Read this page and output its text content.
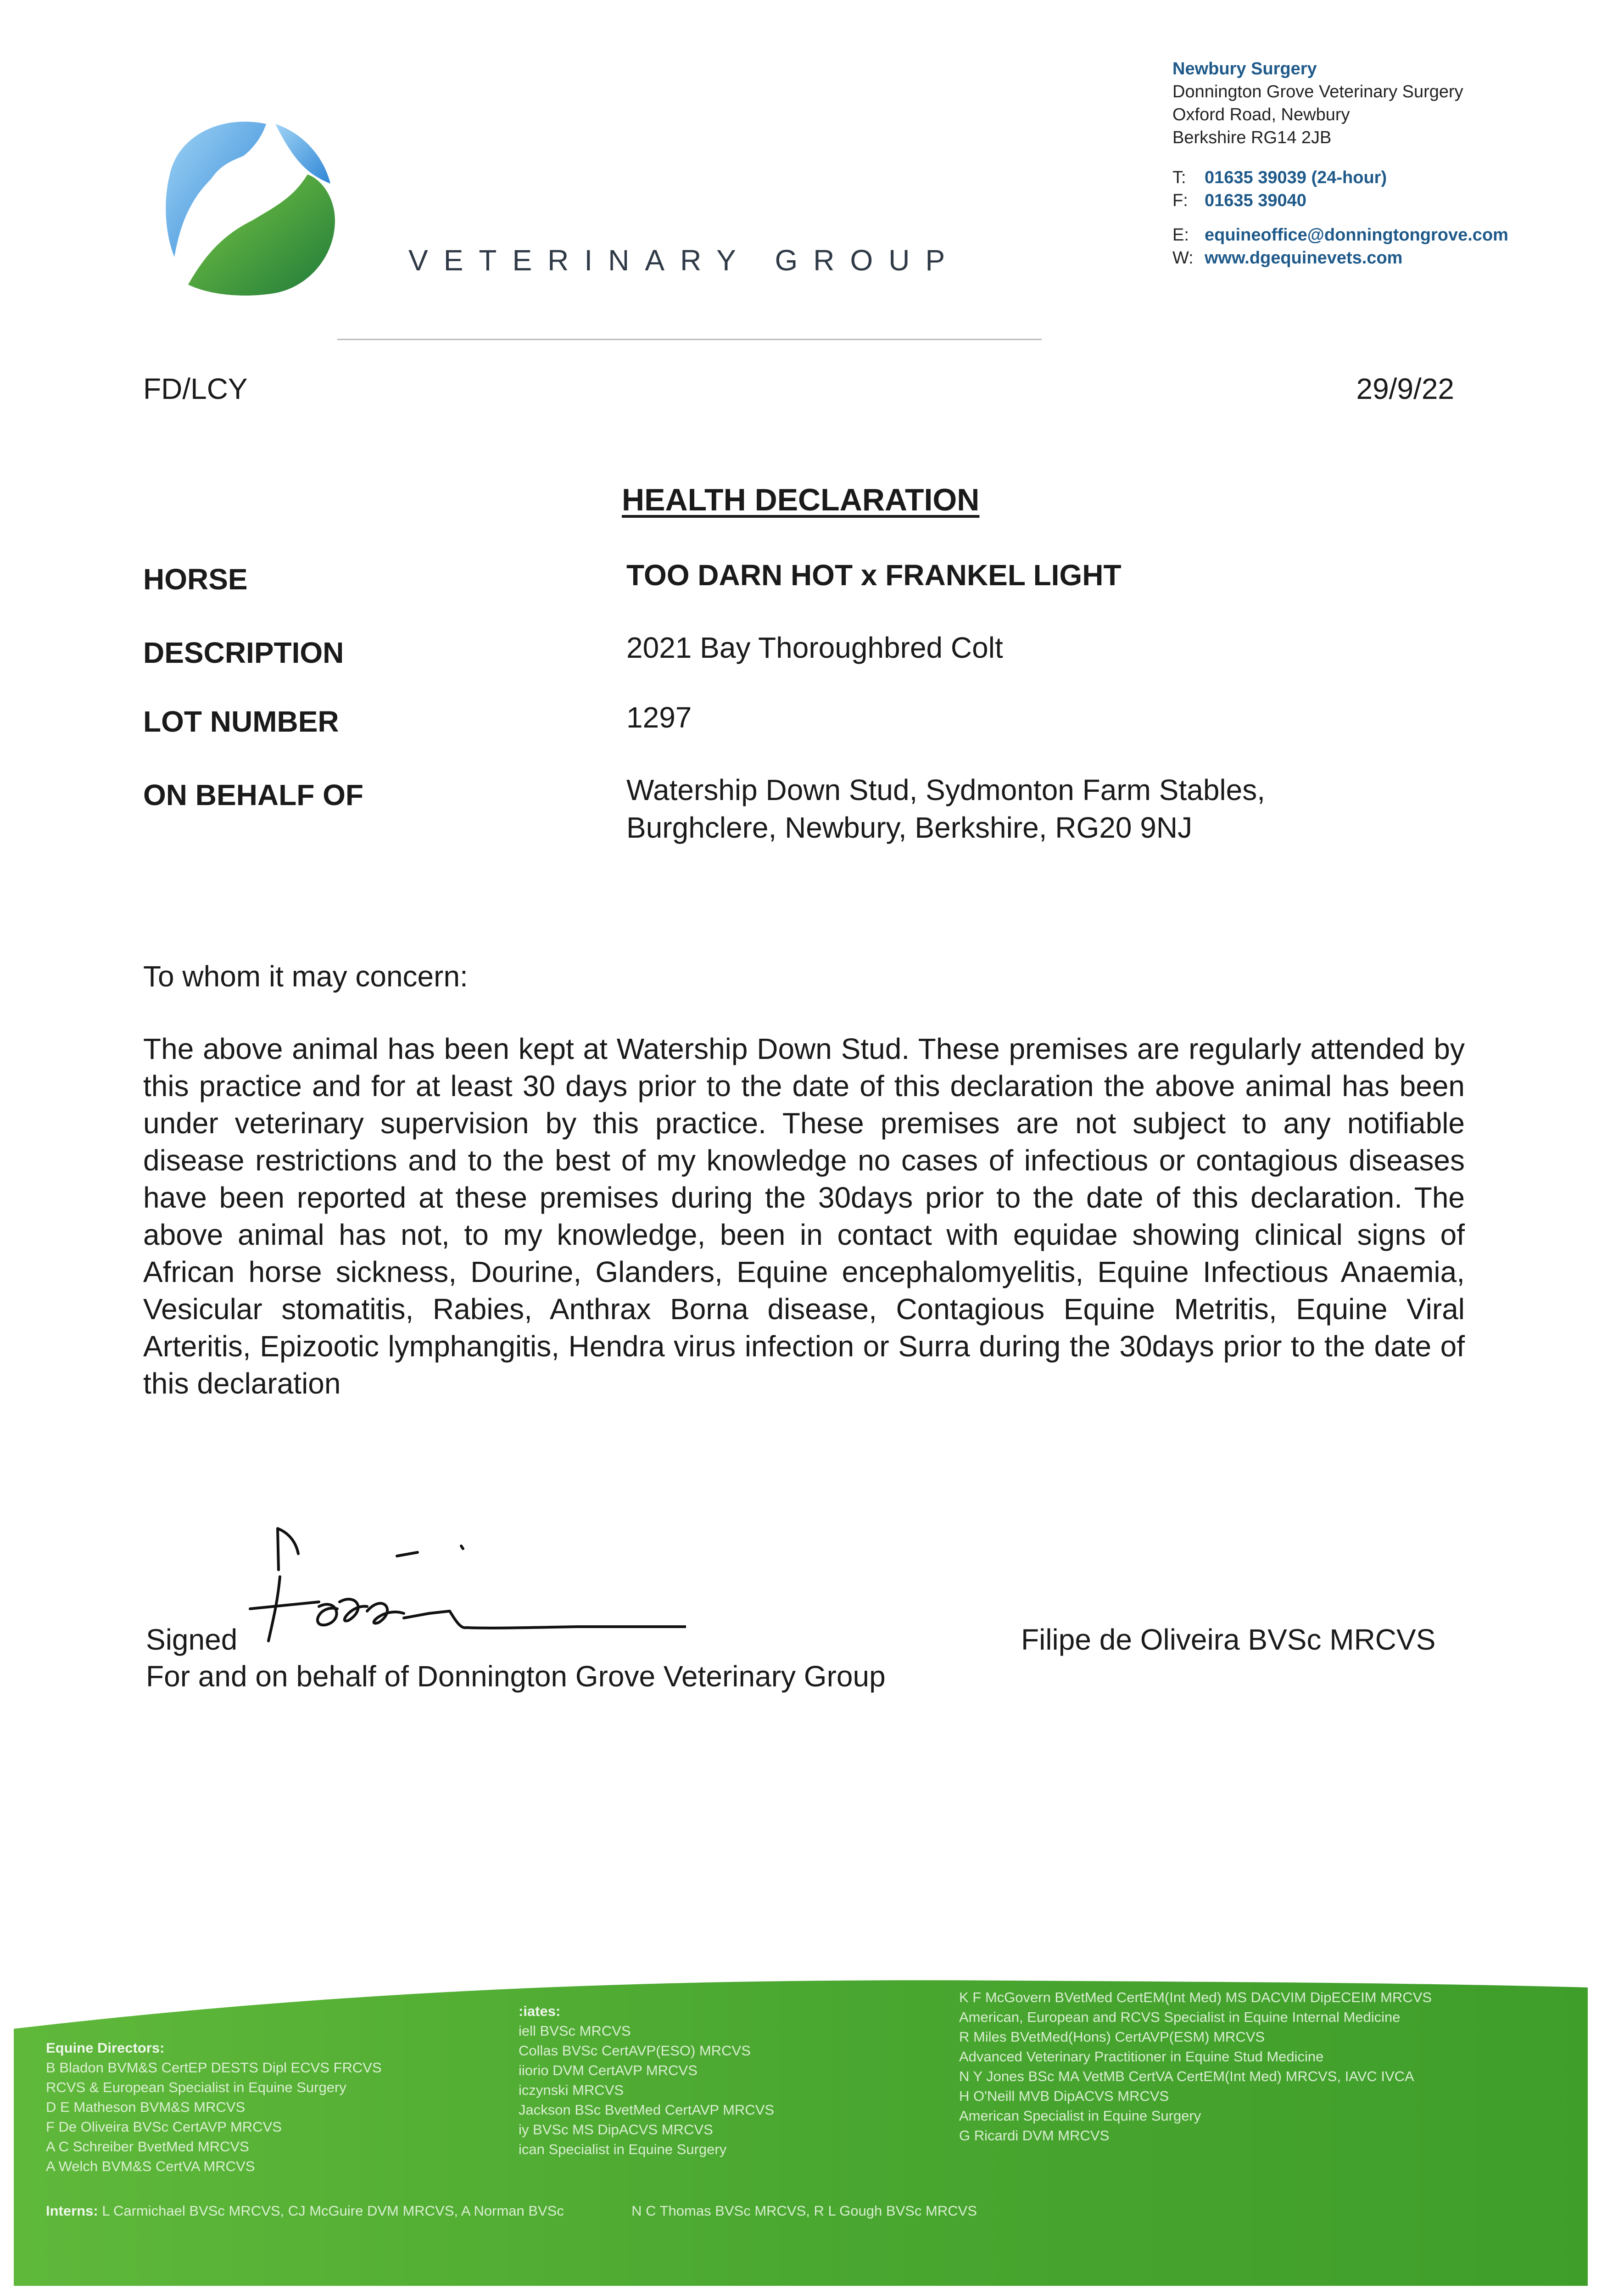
VETERINARY GROUP
Newbury Surgery
Donnington Grove Veterinary Surgery
Oxford Road, Newbury
Berkshire RG14 2JB
T: 01635 39039 (24-hour)
F: 01635 39040
E: equineoffice@donningtongrove.com
W: www.dgequinevets.com
FD/LCY	29/9/22
HEALTH DECLARATION
HORSE	TOO DARN HOT x FRANKEL LIGHT
DESCRIPTION	2021 Bay Thoroughbred Colt
LOT NUMBER	1297
ON BEHALF OF	Watership Down Stud, Sydmonton Farm Stables,
Burghclere, Newbury, Berkshire, RG20 9NJ
To whom it may concern:
The above animal has been kept at Watership Down Stud. These premises are regularly attended by this practice and for at least 30 days prior to the date of this declaration the above animal has been under veterinary supervision by this practice. These premises are not subject to any notifiable disease restrictions and to the best of my knowledge no cases of infectious or contagious diseases have been reported at these premises during the 30days prior to the date of this declaration. The above animal has not, to my knowledge, been in contact with equidae showing clinical signs of African horse sickness, Dourine, Glanders, Equine encephalomyelitis, Equine Infectious Anaemia, Vesicular stomatitis, Rabies, Anthrax Borna disease, Contagious Equine Metritis, Equine Viral Arteritis, Epizootic lymphangitis, Hendra virus infection or Surra during the 30days prior to the date of this declaration
Signed
For and on behalf of Donnington Grove Veterinary Group
Filipe de Oliveira BVSc MRCVS
Equine Directors:
B Bladon BVM&S CertEP DESTS Dipl ECVS FRCVS
RCVS & European Specialist in Equine Surgery
D E Matheson BVM&S MRCVS
F De Oliveira BVSc CertAVP MRCVS
A C Schreiber BvetMed MRCVS
A Welch BVM&S CertVA MRCVS
:iates:
iell BVSc MRCVS
Collas BVSc CertAVP(ESO) MRCVS
iiorio DVM CertAVP MRCVS
iczynski MRCVS
Jackson BSc BvetMed CertAVP MRCVS
iy BVSc MS DipACVS MRCVS
ican Specialist in Equine Surgery
K F McGovern BVetMed CertEM(Int Med) MS DACVIM DipECEIM MRCVS
American, European and RCVS Specialist in Equine Internal Medicine
R Miles BVetMed(Hons) CertAVP(ESM) MRCVS
Advanced Veterinary Practitioner in Equine Stud Medicine
N Y Jones BSc MA VetMB CertVA CertEM(Int Med) MRCVS, IAVC IVCA
H O'Neill MVB DipACVS MRCVS
American Specialist in Equine Surgery
G Ricardi DVM MRCVS
Interns: L Carmichael BVSc MRCVS, CJ McGuire DVM MRCVS, A Norman BVSc	N C Thomas BVSc MRCVS, R L Gough BVSc MRCVS
